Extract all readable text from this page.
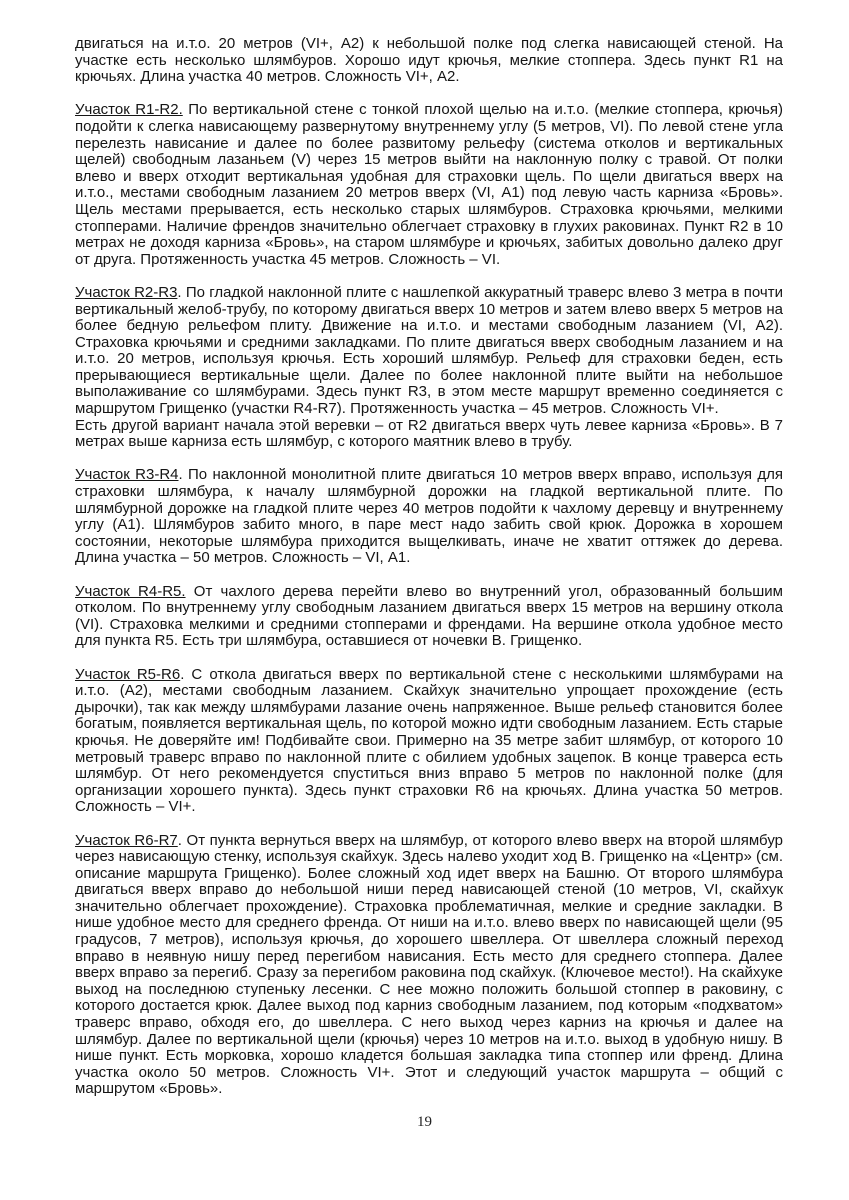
двигаться на и.т.о. 20 метров (VI+, А2) к небольшой полке под слегка нависающей стеной. На участке есть несколько шлямбуров. Хорошо идут крючья, мелкие стоппера. Здесь пункт R1 на крючьях. Длина участка 40 метров. Сложность VI+, А2.

Участок R1-R2. По вертикальной стене с тонкой плохой щелью на и.т.о. (мелкие стоппера, крючья) подойти к слегка нависающему развернутому внутреннему углу (5 метров, VI). По левой стене угла перелезть нависание и далее по более развитому рельефу (система отколов и вертикальных щелей) свободным лазаньем (V) через 15 метров выйти на наклонную полку с травой. От полки влево и вверх отходит вертикальная удобная для страховки щель. По щели двигаться вверх на и.т.о., местами свободным лазанием 20 метров вверх (VI, А1) под левую часть карниза «Бровь». Щель местами прерывается, есть несколько старых шлямбуров. Страховка крючьями, мелкими стопперами. Наличие френдов значительно облегчает страховку в глухих раковинах. Пункт R2 в 10 метрах не доходя карниза «Бровь», на старом шлямбуре и крючьях, забитых довольно далеко друг от друга. Протяженность участка 45 метров. Сложность – VI.

Участок R2-R3. По гладкой наклонной плите с нашлепкой аккуратный траверс влево 3 метра в почти вертикальный желоб-трубу, по которому двигаться вверх 10 метров и затем влево вверх 5 метров на более бедную рельефом плиту. Движение на и.т.о. и местами свободным лазанием (VI, А2). Страховка крючьями и средними закладками. По плите двигаться вверх свободным лазанием и на и.т.о. 20 метров, используя крючья. Есть хороший шлямбур. Рельеф для страховки беден, есть прерывающиеся вертикальные щели. Далее по более наклонной плите выйти на небольшое выполаживание со шлямбурами. Здесь пункт R3, в этом месте маршрут временно соединяется с маршрутом Грищенко (участки R4-R7). Протяженность участка – 45 метров. Сложность VI+.

Есть другой вариант начала этой веревки – от R2 двигаться вверх чуть левее карниза «Бровь». В 7 метрах выше карниза есть шлямбур, с которого маятник влево в трубу.

Участок R3-R4. По наклонной монолитной плите двигаться 10 метров вверх вправо, используя для страховки шлямбура, к началу шлямбурной дорожки на гладкой вертикальной плите. По шлямбурной дорожке на гладкой плите через 40 метров подойти к чахлому деревцу и внутреннему углу (А1). Шлямбуров забито много, в паре мест надо забить свой крюк. Дорожка в хорошем состоянии, некоторые шлямбура приходится выщелкивать, иначе не хватит оттяжек до дерева. Длина участка – 50 метров. Сложность – VI, А1.

Участок R4-R5. От чахлого дерева перейти влево во внутренний угол, образованный большим отколом. По внутреннему углу свободным лазанием двигаться вверх 15 метров на вершину откола (VI). Страховка мелкими и средними стопперами и френдами. На вершине откола удобное место для пункта R5. Есть три шлямбура, оставшиеся от ночевки В. Грищенко.

Участок R5-R6. С откола двигаться вверх по вертикальной стене с несколькими шлямбурами на и.т.о. (А2), местами свободным лазанием. Скайхук значительно упрощает прохождение (есть дырочки), так как между шлямбурами лазание очень напряженное. Выше рельеф становится более богатым, появляется вертикальная щель, по которой можно идти свободным лазанием. Есть старые крючья. Не доверяйте им! Подбивайте свои. Примерно на 35 метре забит шлямбур, от которого 10 метровый траверс вправо по наклонной плите с обилием удобных зацепок. В конце траверса есть шлямбур. От него рекомендуется спуститься вниз вправо 5 метров по наклонной полке (для организации хорошего пункта). Здесь пункт страховки R6 на крючьях. Длина участка 50 метров. Сложность – VI+.

Участок R6-R7. От пункта вернуться вверх на шлямбур, от которого влево вверх на второй шлямбур через нависающую стенку, используя скайхук. Здесь налево уходит ход В. Грищенко на «Центр» (см. описание маршрута Грищенко). Более сложный ход идет вверх на Башню. От второго шлямбура двигаться вверх вправо до небольшой ниши перед нависающей стеной (10 метров, VI, скайхук значительно облегчает прохождение). Страховка проблематичная, мелкие и средние закладки. В нише удобное место для среднего френда. От ниши на и.т.о. влево вверх по нависающей щели (95 градусов, 7 метров), используя крючья, до хорошего швеллера. От швеллера сложный переход вправо в неявную нишу перед перегибом нависания. Есть место для среднего стоппера. Далее вверх вправо за перегиб. Сразу за перегибом раковина под скайхук. (Ключевое место!). На скайхуке выход на последнюю ступеньку лесенки. С нее можно положить большой стоппер в раковину, с которого достается крюк. Далее выход под карниз свободным лазанием, под которым «подхватом» траверс вправо, обходя его, до швеллера. С него выход через карниз на крючья и далее на шлямбур. Далее по вертикальной щели (крючья) через 10 метров на и.т.о. выход в удобную нишу. В нише пункт. Есть морковка, хорошо кладется большая закладка типа стоппер или френд. Длина участка около 50 метров. Сложность VI+. Этот и следующий участок маршрута – общий с маршрутом «Бровь».

19
